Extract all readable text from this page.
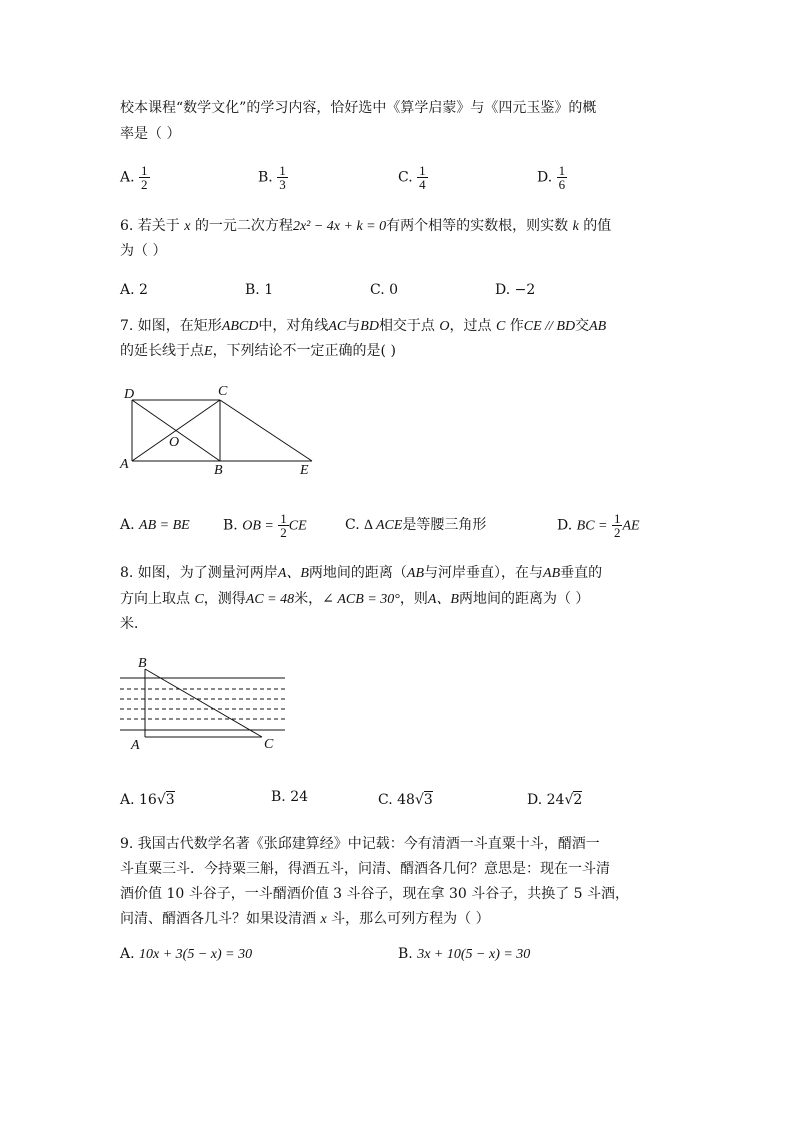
校本课程“数学文化”的学习内容，恰好选中《算学启蒙》与《四元玉鉴》的概
率是（ ）
A. $\frac{1}{2}$	B. $\frac{1}{3}$	C. $\frac{1}{4}$	D. $\frac{1}{6}$
6. 若关于 x 的一元二次方程2x² − 4x + k = 0有两个相等的实数根，则实数 k 的值
为（ ）
A. 2	B. 1	C. 0	D. −2
7. 如图，在矩形ABCD中，对角线AC与BD相交于点 O，过点 C 作CE // BD交AB
的延长线于点E，下列结论不一定正确的是( )
D	C
O
A	B	E
A. AB = BE B. OB = $\frac{1}{2}$ CE	C. ∆ ACE是等腰三角形	D. BC = $\frac{1}{2}$ AE
8. 如图，为了测量河两岸A、B两地间的距离（AB与河岸垂直），在与AB垂直的
方向上取点 C，测得AC = 48米，∠ ACB = 30°，则A、B两地间的距离为（ ）
米．
B
A	C
A. 16√3	B. 24	C. 48√3	D. 24√2
9. 我国古代数学名著《张邱建算经》中记载：今有清酒一斗直粟十斗，醑酒一
斗直粟三斗．今持粟三斛，得酒五斗，问清、醑酒各几何？意思是：现在一斗清
酒价值 10 斗谷子，一斗醑酒价值 3 斗谷子，现在拿 30 斗谷子，共换了 5 斗酒，
问清、醑酒各几斗？如果设清酒 x 斗，那么可列方程为（ ）
A. 10x + 3(5 − x) = 30	B. 3x + 10(5 − x) = 30
